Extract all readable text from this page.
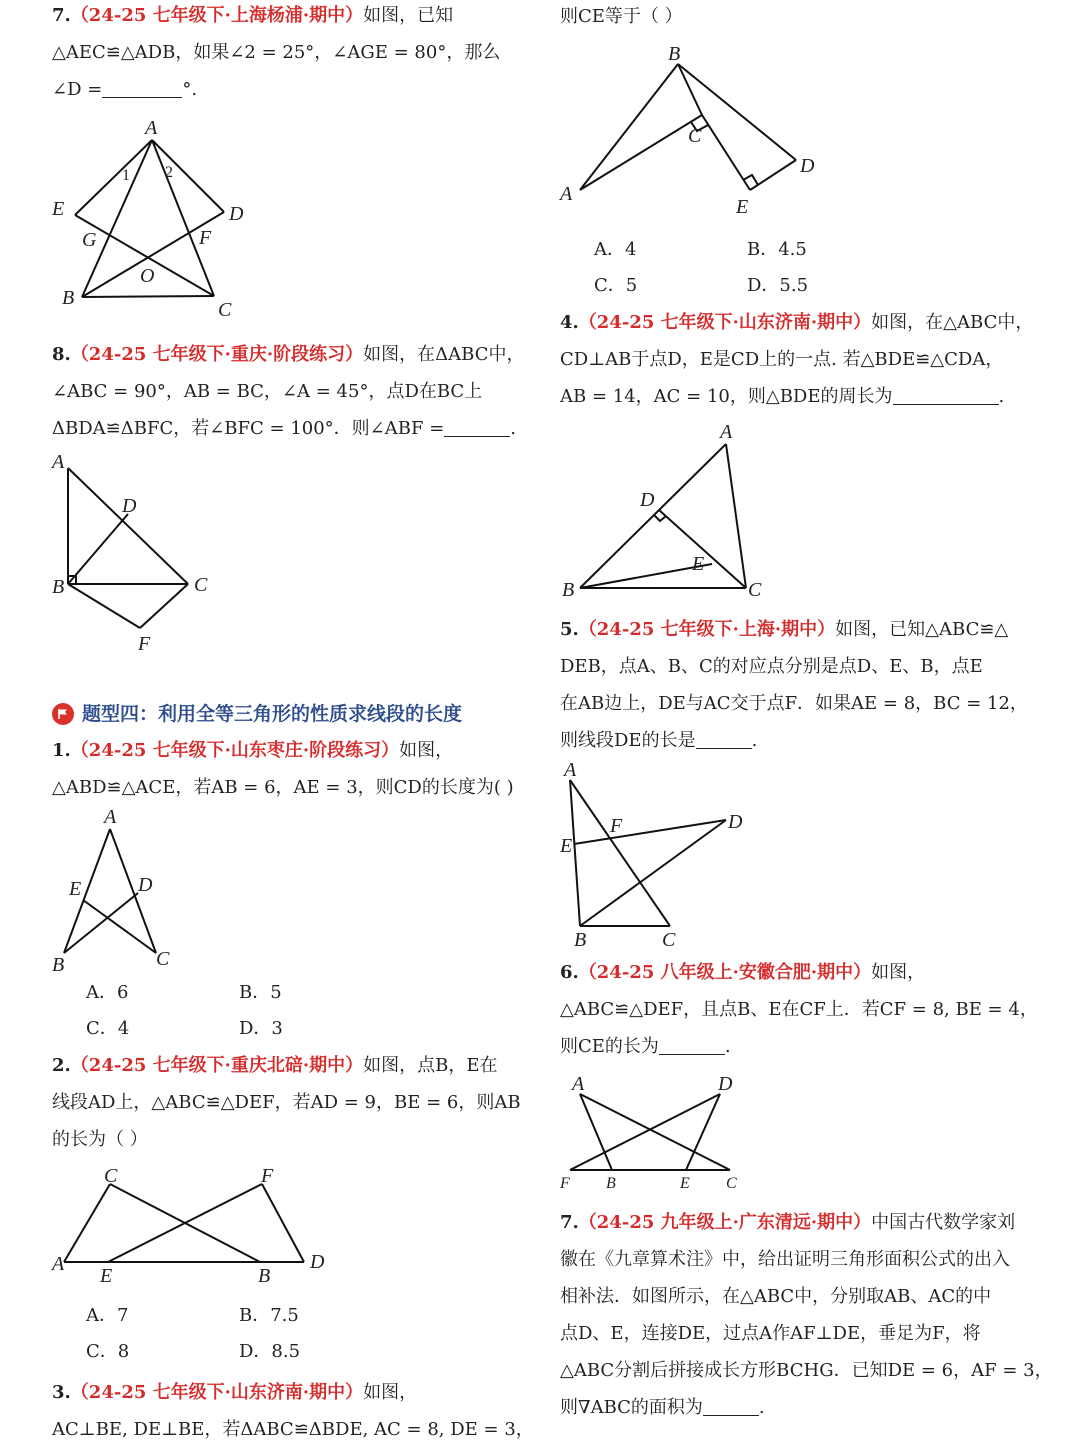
7.（24-25 七年级下·上海杨浦·期中）如图，已知

△AEC≌△ADB，如果∠2 = 25°，∠AGE = 80°，那么

∠D =	°.

A
E	D
G	F
O
B
C
1 2

8.（24-25 七年级下·重庆·阶段练习）如图，在ΔABC中，

∠ABC = 90°，AB = BC，∠A = 45°，点D在BC上

ΔBDA≌ΔBFC，若∠BFC = 100°．则∠ABF =	.

A
D
B	C
F
题型四：利用全等三角形的性质求线段的长度

1.（24-25 七年级下·山东枣庄·阶段练习）如图，

△ABD≌△ACE，若AB = 6，AE = 3，则CD的长度为( )

A
E	D
B	C
A．6	B．5
C．4	D．3

2.（24-25 七年级下·重庆北碚·期中）如图，点B，E在

线段AD上，△ABC≌△DEF，若AD = 9，BE = 6，则AB

的长为（ ）

C	F
A
E	B
D
A．7	B．7.5
C．8	D．8.5

3.（24-25 七年级下·山东济南·期中）如图，

AC⊥BE, DE⊥BE，若ΔABC≌ΔBDE, AC = 8, DE = 3，

则CE等于（ ）

B
C
D
A
E
A．4	B．4.5
C．5	D．5.5

4.（24-25 七年级下·山东济南·期中）如图，在△ABC中，

CD⊥AB于点D，E是CD上的一点. 若△BDE≌△CDA，

AB = 14，AC = 10，则△BDE的周长为	.

A
D
E
B	C

5.（24-25 七年级下·上海·期中）如图，已知△ABC≌△

DEB，点A、B、C的对应点分别是点D、E、B，点E

在AB边上，DE与AC交于点F．如果AE = 8，BC = 12，

则线段DE的长是	.

A
F	D
E
B	C

6.（24-25 八年级上·安徽合肥·期中）如图，

△ABC≌△DEF，且点B、E在CF上．若CF = 8, BE = 4，

则CE的长为	.

A	D
F B	E C

7.（24-25 九年级上·广东清远·期中）中国古代数学家刘

徽在《九章算术注》中，给出证明三角形面积公式的出入

相补法．如图所示，在△ABC中，分别取AB、AC的中

点D、E，连接DE，过点A作AF⊥DE，垂足为F，将

△ABC分割后拼接成长方形BCHG．已知DE = 6，AF = 3，

则∇ABC的面积为	.
